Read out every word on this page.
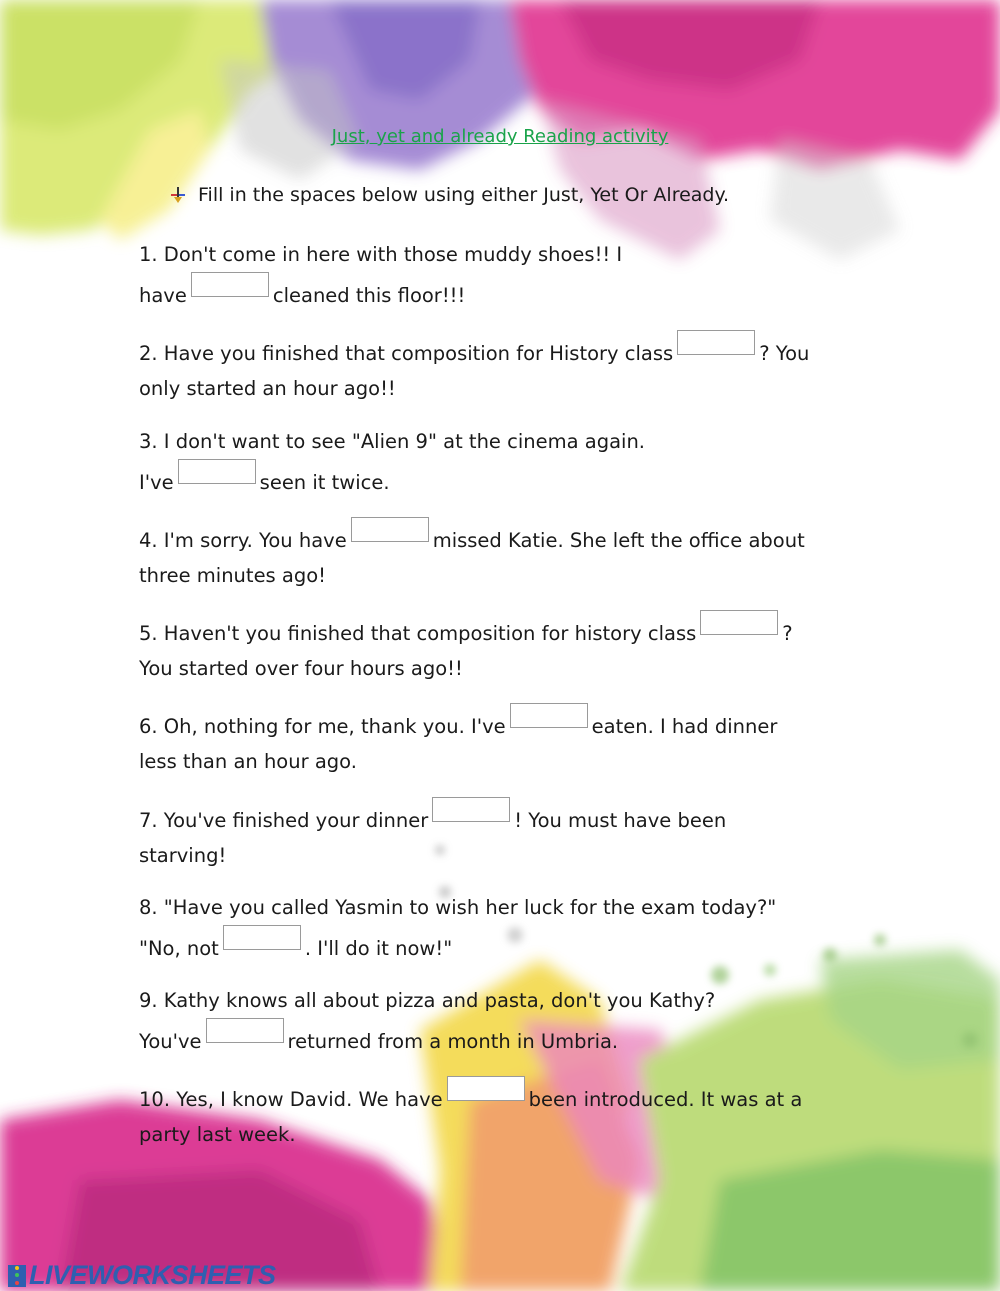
Just, yet and already Reading activity
Fill in the spaces below using either Just, Yet Or Already.
1. Don't come in here with those muddy shoes!! I
have	cleaned this floor!!!
2. Have you finished that composition for History class	? You
only started an hour ago!!
3. I don't want to see "Alien 9" at the cinema again.
I've	seen it twice.
4. I'm sorry. You have	missed Katie. She left the office about
three minutes ago!
5. Haven't you finished that composition for history class	?
You started over four hours ago!!
6. Oh, nothing for me, thank you. I've	eaten. I had dinner
less than an hour ago.
7. You've finished your dinner	! You must have been
starving!
8. "Have you called Yasmin to wish her luck for the exam today?"
"No, not	. I'll do it now!"
9. Kathy knows all about pizza and pasta, don't you Kathy?
You've	returned from a month in Umbria.
10. Yes, I know David. We have	been introduced. It was at a
party last week.
LIVEWORKSHEETS
